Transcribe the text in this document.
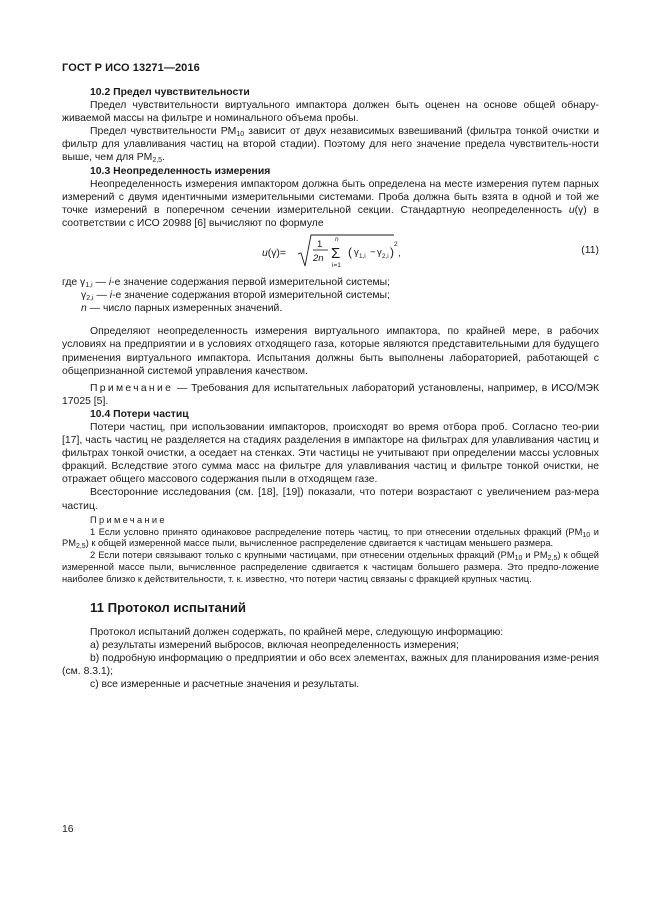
ГОСТ Р ИСО 13271—2016

10.2 Предел чувствительности

Предел чувствительности виртуального импактора должен быть оценен на основе общей обнару-живаемой массы на фильтре и номинального объема пробы.

Предел чувствительности $PM_{10}$ зависит от двух независимых взвешиваний (фильтра тонкой очистки и фильтр для улавливания частиц на второй стадии). Поэтому для него значение предела чувствитель-ности выше, чем для $PM_{2,5}$.

10.3 Неопределенность измерения

Неопределенность измерения импактором должна быть определена на месте измерения путем парных измерений с двумя идентичными измерительными системами. Проба должна быть взята в одной и той же точке измерений в поперечном сечении измерительной секции. Стандартную неопределенность u(γ) в соответствии с ИСО 20988 [6] вычисляют по формуле

u(γ)=
1
2n
n
Σ
i=1
( γ 1,i − γ 2,i )
2
,	(11)

где $\gamma_{1,i}$ — i-е значение содержания первой измерительной системы;

$\gamma_{2,i}$ — i-е значение содержания второй измерительной системы;

n — число парных измеренных значений.

Определяют неопределенность измерения виртуального импактора, по крайней мере, в рабочих условиях на предприятии и в условиях отходящего газа, которые являются представительными для будущего применения виртуального импактора. Испытания должны быть выполнены лабораторией, работающей с общепризнанной системой управления качеством.

Примечание — Требования для испытательных лабораторий установлены, например, в ИСО/МЭК 17025 [5].

10.4 Потери частиц

Потери частиц, при использовании импакторов, происходят во время отбора проб. Согласно тео-рии [17], часть частиц не разделяется на стадиях разделения в импакторе на фильтрах для улавливания частиц и фильтрах тонкой очистки, а оседает на стенках. Эти частицы не учитывают при определении массы условных фракций. Вследствие этого сумма масс на фильтре для улавливания частиц и фильтре тонкой очистки, не отражает общего массового содержания пыли в отходящем газе.

Всесторонние исследования (см. [18], [19]) показали, что потери возрастают с увеличением раз-мера частиц.

Примечание

1 Если условно принято одинаковое распределение потерь частиц, то при отнесении отдельных фракций ($PM_{10}$ и $PM_{2,5}$) к общей измеренной массе пыли, вычисленное распределение сдвигается к частицам меньшего размера.

2 Если потери связывают только с крупными частицами, при отнесении отдельных фракций ($PM_{10}$ и $PM_{2,5}$) к общей измеренной массе пыли, вычисленное распределение сдвигается к частицам большего размера. Это предпо-ложение наиболее близко к действительности, т. к. известно, что потери частиц связаны с фракцией крупных частиц.

11 Протокол испытаний

Протокол испытаний должен содержать, по крайней мере, следующую информацию:

a) результаты измерений выбросов, включая неопределенность измерения;

b) подробную информацию о предприятии и обо всех элементах, важных для планирования изме-рения (см. 8.3.1);

c) все измеренные и расчетные значения и результаты.

16
